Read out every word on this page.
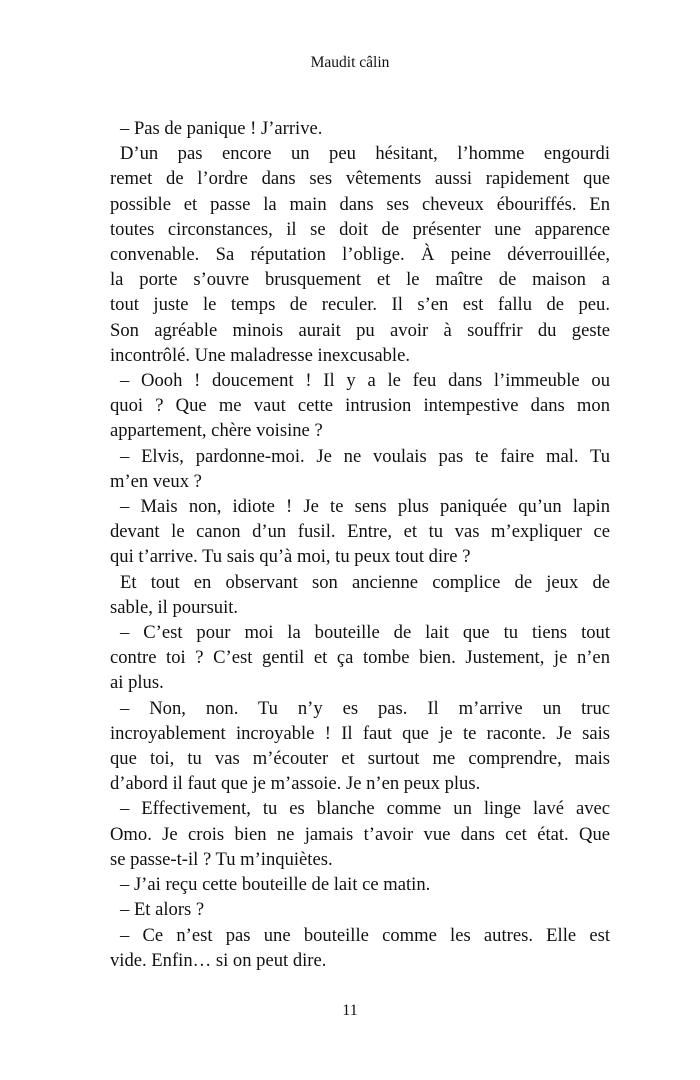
Maudit câlin
– Pas de panique ! J’arrive.
D’un pas encore un peu hésitant, l’homme engourdi
remet de l’ordre dans ses vêtements aussi rapidement que
possible et passe la main dans ses cheveux ébouriffés. En
toutes circonstances, il se doit de présenter une apparence
convenable. Sa réputation l’oblige. À peine déverrouillée,
la porte s’ouvre brusquement et le maître de maison a
tout juste le temps de reculer. Il s’en est fallu de peu.
Son agréable minois aurait pu avoir à souffrir du geste
incontrôlé. Une maladresse inexcusable.
– Oooh ! doucement ! Il y a le feu dans l’immeuble ou
quoi ? Que me vaut cette intrusion intempestive dans mon
appartement, chère voisine ?
– Elvis, pardonne-moi. Je ne voulais pas te faire mal. Tu
m’en veux ?
– Mais non, idiote ! Je te sens plus paniquée qu’un lapin
devant le canon d’un fusil. Entre, et tu vas m’expliquer ce
qui t’arrive. Tu sais qu’à moi, tu peux tout dire ?
Et tout en observant son ancienne complice de jeux de
sable, il poursuit.
– C’est pour moi la bouteille de lait que tu tiens tout
contre toi ? C’est gentil et ça tombe bien. Justement, je n’en
ai plus.
– Non, non. Tu n’y es pas. Il m’arrive un truc
incroyablement incroyable ! Il faut que je te raconte. Je sais
que toi, tu vas m’écouter et surtout me comprendre, mais
d’abord il faut que je m’assoie. Je n’en peux plus.
– Effectivement, tu es blanche comme un linge lavé avec
Omo. Je crois bien ne jamais t’avoir vue dans cet état. Que
se passe-t-il ? Tu m’inquiètes.
– J’ai reçu cette bouteille de lait ce matin.
– Et alors ?
– Ce n’est pas une bouteille comme les autres. Elle est
vide. Enfin… si on peut dire.
11
